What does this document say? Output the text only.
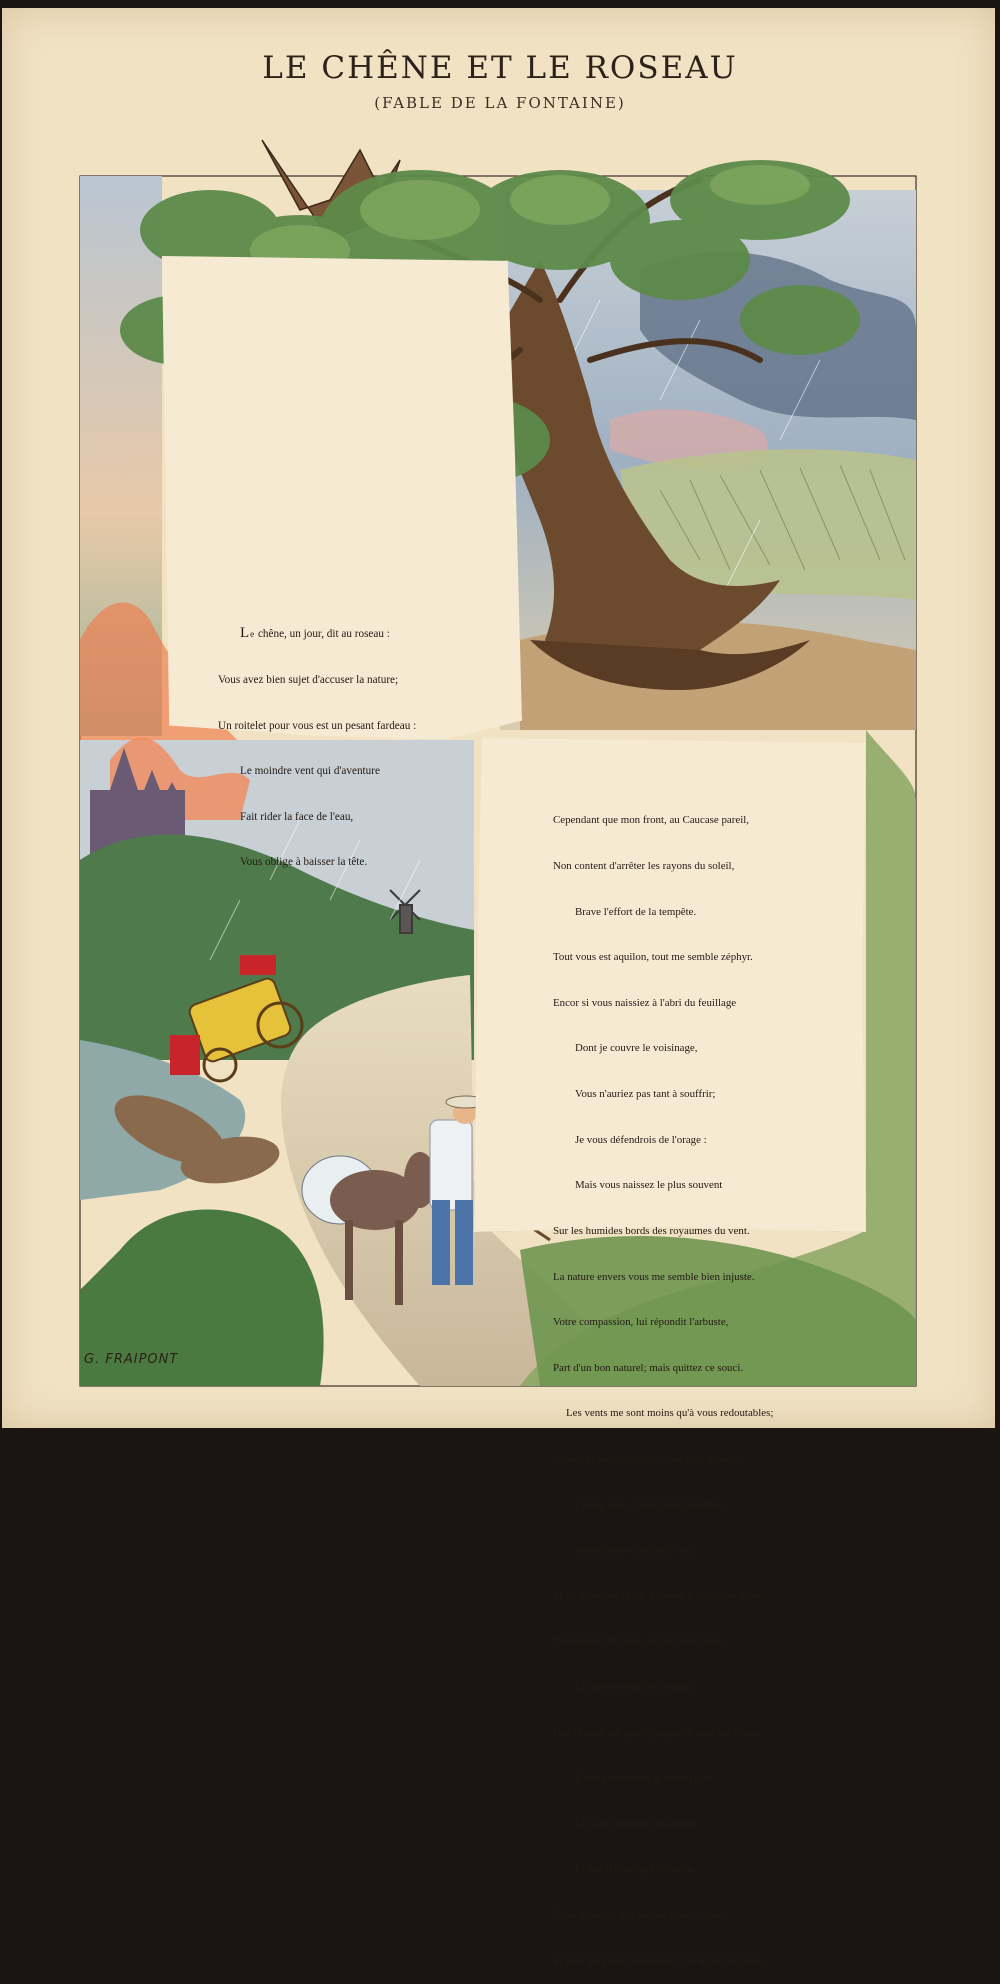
LE CHÊNE ET LE ROSEAU
(FABLE DE LA FONTAINE)

Le chêne, un jour, dit au roseau :

Vous avez bien sujet d'accuser la nature;

Un roitelet pour vous est un pesant fardeau :

Le moindre vent qui d'aventure

Fait rider la face de l'eau,

Vous oblige à baisser la tête.

Cependant que mon front, au Caucase pareil,

Non content d'arrêter les rayons du soleil,

Brave l'effort de la tempête.

Tout vous est aquilon, tout me semble zéphyr.

Encor si vous naissiez à l'abri du feuillage

Dont je couvre le voisinage,

Vous n'auriez pas tant à souffrir;

Je vous défendrois de l'orage :

Mais vous naissez le plus souvent

Sur les humides bords des royaumes du vent.

La nature envers vous me semble bien injuste.

Votre compassion, lui répondit l'arbuste,

Part d'un bon naturel; mais quittez ce souci.

Les vents me sont moins qu'à vous redoutables;

Je plie, et ne romps pas. Vous avez jusqu'ici

Contre leurs coups épouvantables

Résisté sans courber le dos;

Mais attendons la fin. Comme il disoit ces mots

Du bout de l'horizon accourt avec furie

Le plus terrible des enfants

Que le nord eût portés jusque-là dans ses flancs.

L'arbre tient bon; le roseau plie.

Le vent redouble ses efforts,

Et fait si bien qu'il déracine

Celui de qui la tête au ciel étoit voisine,

Et dont les pieds touchoient à l'empire des morts.

G. FRAIPONT
